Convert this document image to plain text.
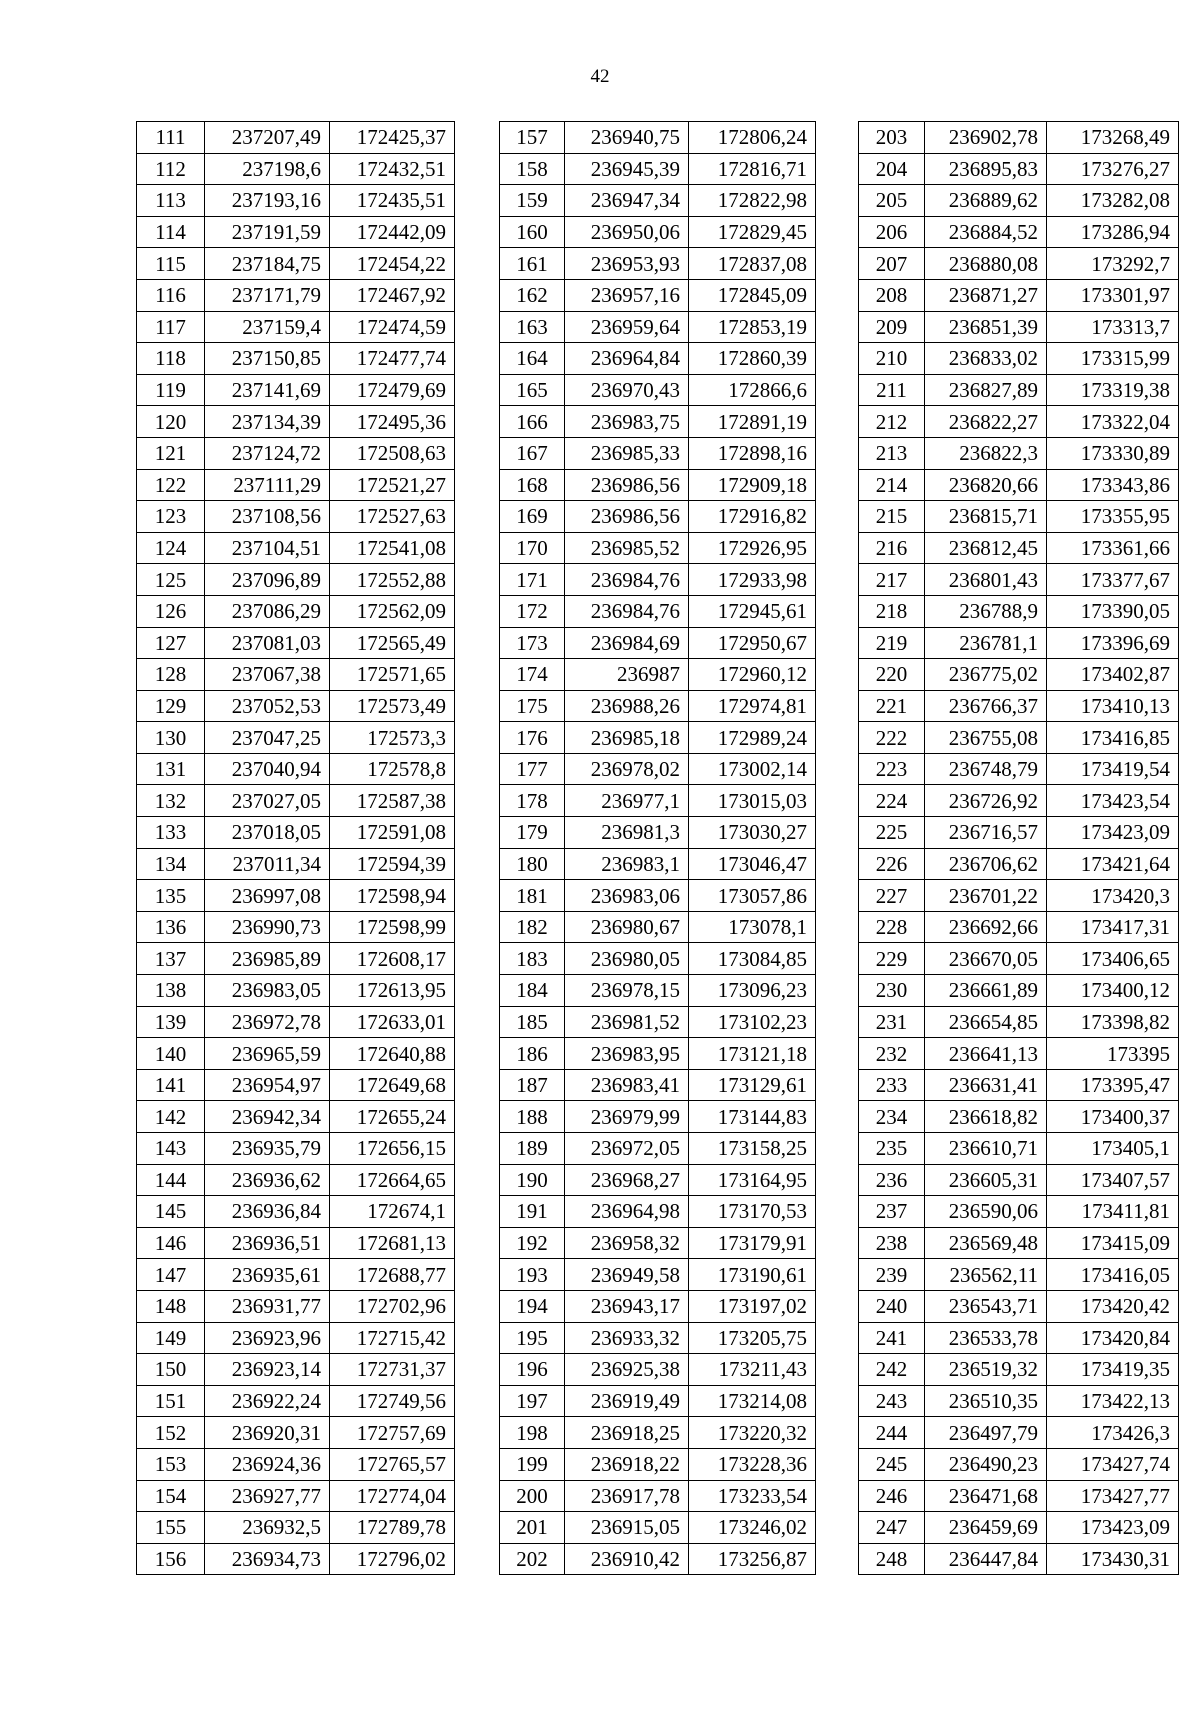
42
111	237207,49	172425,37
112	237198,6	172432,51
113	237193,16	172435,51
114	237191,59	172442,09
115	237184,75	172454,22
116	237171,79	172467,92
117	237159,4	172474,59
118	237150,85	172477,74
119	237141,69	172479,69
120	237134,39	172495,36
121	237124,72	172508,63
122	237111,29	172521,27
123	237108,56	172527,63
124	237104,51	172541,08
125	237096,89	172552,88
126	237086,29	172562,09
127	237081,03	172565,49
128	237067,38	172571,65
129	237052,53	172573,49
130	237047,25	172573,3
131	237040,94	172578,8
132	237027,05	172587,38
133	237018,05	172591,08
134	237011,34	172594,39
135	236997,08	172598,94
136	236990,73	172598,99
137	236985,89	172608,17
138	236983,05	172613,95
139	236972,78	172633,01
140	236965,59	172640,88
141	236954,97	172649,68
142	236942,34	172655,24
143	236935,79	172656,15
144	236936,62	172664,65
145	236936,84	172674,1
146	236936,51	172681,13
147	236935,61	172688,77
148	236931,77	172702,96
149	236923,96	172715,42
150	236923,14	172731,37
151	236922,24	172749,56
152	236920,31	172757,69
153	236924,36	172765,57
154	236927,77	172774,04
155	236932,5	172789,78
156	236934,73	172796,02
157	236940,75	172806,24
158	236945,39	172816,71
159	236947,34	172822,98
160	236950,06	172829,45
161	236953,93	172837,08
162	236957,16	172845,09
163	236959,64	172853,19
164	236964,84	172860,39
165	236970,43	172866,6
166	236983,75	172891,19
167	236985,33	172898,16
168	236986,56	172909,18
169	236986,56	172916,82
170	236985,52	172926,95
171	236984,76	172933,98
172	236984,76	172945,61
173	236984,69	172950,67
174	236987	172960,12
175	236988,26	172974,81
176	236985,18	172989,24
177	236978,02	173002,14
178	236977,1	173015,03
179	236981,3	173030,27
180	236983,1	173046,47
181	236983,06	173057,86
182	236980,67	173078,1
183	236980,05	173084,85
184	236978,15	173096,23
185	236981,52	173102,23
186	236983,95	173121,18
187	236983,41	173129,61
188	236979,99	173144,83
189	236972,05	173158,25
190	236968,27	173164,95
191	236964,98	173170,53
192	236958,32	173179,91
193	236949,58	173190,61
194	236943,17	173197,02
195	236933,32	173205,75
196	236925,38	173211,43
197	236919,49	173214,08
198	236918,25	173220,32
199	236918,22	173228,36
200	236917,78	173233,54
201	236915,05	173246,02
202	236910,42	173256,87
203	236902,78	173268,49
204	236895,83	173276,27
205	236889,62	173282,08
206	236884,52	173286,94
207	236880,08	173292,7
208	236871,27	173301,97
209	236851,39	173313,7
210	236833,02	173315,99
211	236827,89	173319,38
212	236822,27	173322,04
213	236822,3	173330,89
214	236820,66	173343,86
215	236815,71	173355,95
216	236812,45	173361,66
217	236801,43	173377,67
218	236788,9	173390,05
219	236781,1	173396,69
220	236775,02	173402,87
221	236766,37	173410,13
222	236755,08	173416,85
223	236748,79	173419,54
224	236726,92	173423,54
225	236716,57	173423,09
226	236706,62	173421,64
227	236701,22	173420,3
228	236692,66	173417,31
229	236670,05	173406,65
230	236661,89	173400,12
231	236654,85	173398,82
232	236641,13	173395
233	236631,41	173395,47
234	236618,82	173400,37
235	236610,71	173405,1
236	236605,31	173407,57
237	236590,06	173411,81
238	236569,48	173415,09
239	236562,11	173416,05
240	236543,71	173420,42
241	236533,78	173420,84
242	236519,32	173419,35
243	236510,35	173422,13
244	236497,79	173426,3
245	236490,23	173427,74
246	236471,68	173427,77
247	236459,69	173423,09
248	236447,84	173430,31
